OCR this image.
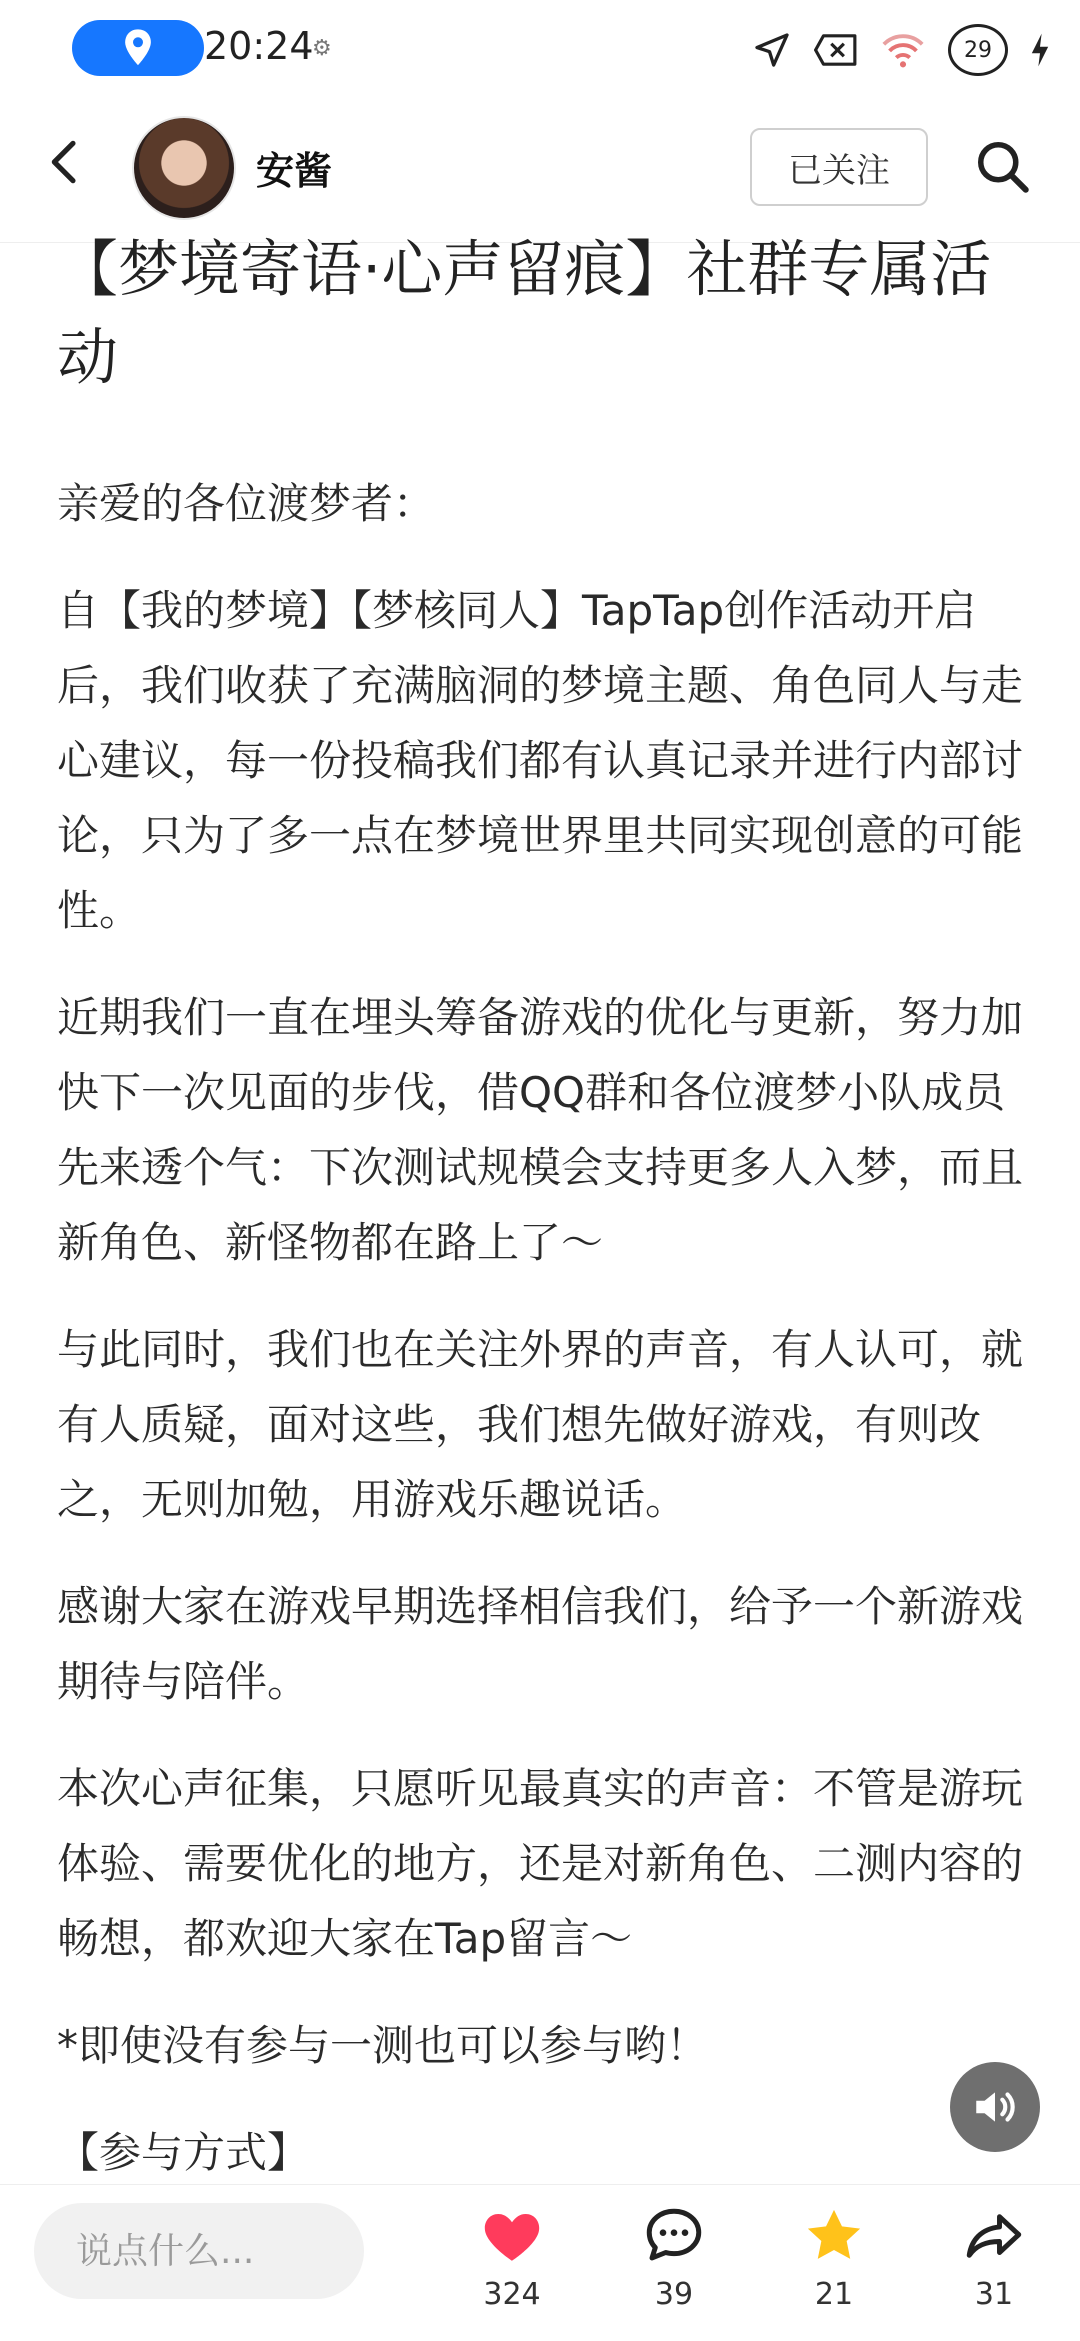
20:24
⚙	29
安酱	已关注
【梦境寄语·心声留痕】社群专属活动

亲爱的各位渡梦者：

自【我的梦境】【梦核同人】TapTap创作活动开启后，我们收获了充满脑洞的梦境主题、角色同人与走心建议，每一份投稿我们都有认真记录并进行内部讨论，只为了多一点在梦境世界里共同实现创意的可能性。

近期我们一直在埋头筹备游戏的优化与更新，努力加快下一次见面的步伐，借QQ群和各位渡梦小队成员先来透个气：下次测试规模会支持更多人入梦，而且新角色、新怪物都在路上了～

与此同时，我们也在关注外界的声音，有人认可，就有人质疑，面对这些，我们想先做好游戏，有则改之，无则加勉，用游戏乐趣说话。

感谢大家在游戏早期选择相信我们，给予一个新游戏期待与陪伴。

本次心声征集，只愿听见最真实的声音：不管是游玩体验、需要优化的地方，还是对新角色、二测内容的畅想，都欢迎大家在Tap留言～

*即使没有参与一测也可以参与哟！

【参与方式】

说点什么...
324	39	21	31
